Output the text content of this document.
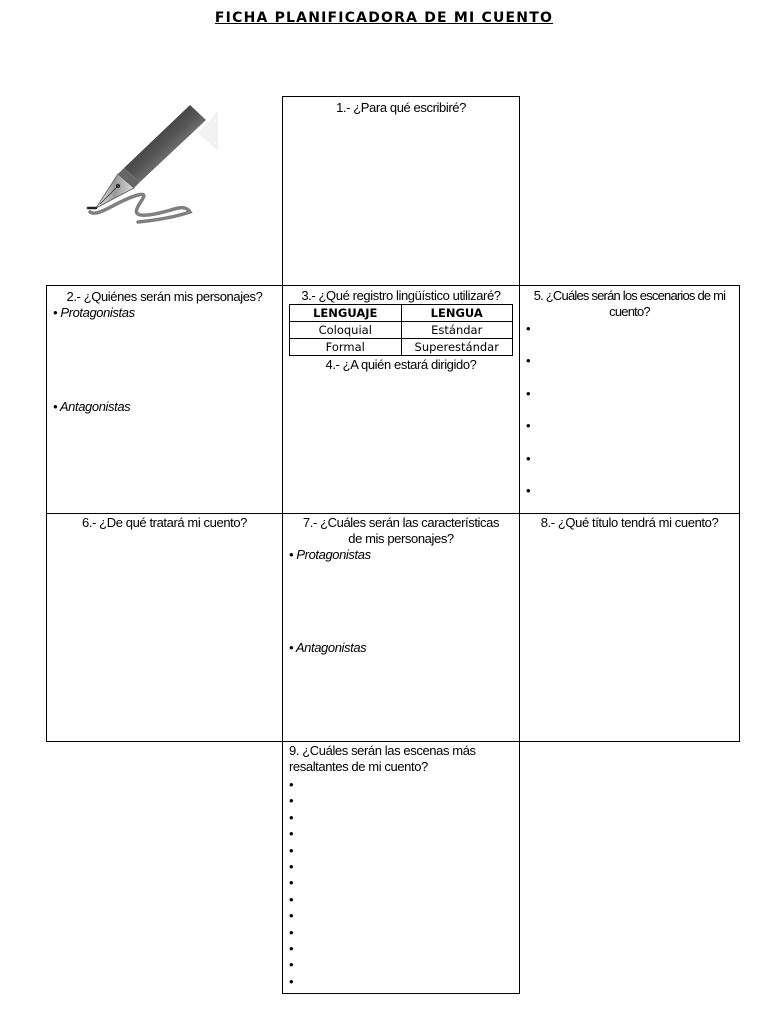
FICHA PLANIFICADORA DE MI CUENTO
1.- ¿Para qué escribiré?
2.- ¿Quiénes serán mis personajes?
• Protagonistas
• Antagonistas
3.- ¿Qué registro lingüístico utilizaré?
LENGUAJE	LENGUA
Coloquial	Estándar
Formal	Superestándar
4.- ¿A quién estará dirigido?
5. ¿Cuáles serán los escenarios de mi cuento?
•
•
•
•
•
•
6.- ¿De qué tratará mi cuento?	7.- ¿Cuáles serán las características de mis personajes?
• Protagonistas
• Antagonistas
8.- ¿Qué título tendrá mi cuento?
9. ¿Cuáles serán las escenas más resaltantes de mi cuento?
•
•
•
•
•
•
•
•
•
•
•
•
•
